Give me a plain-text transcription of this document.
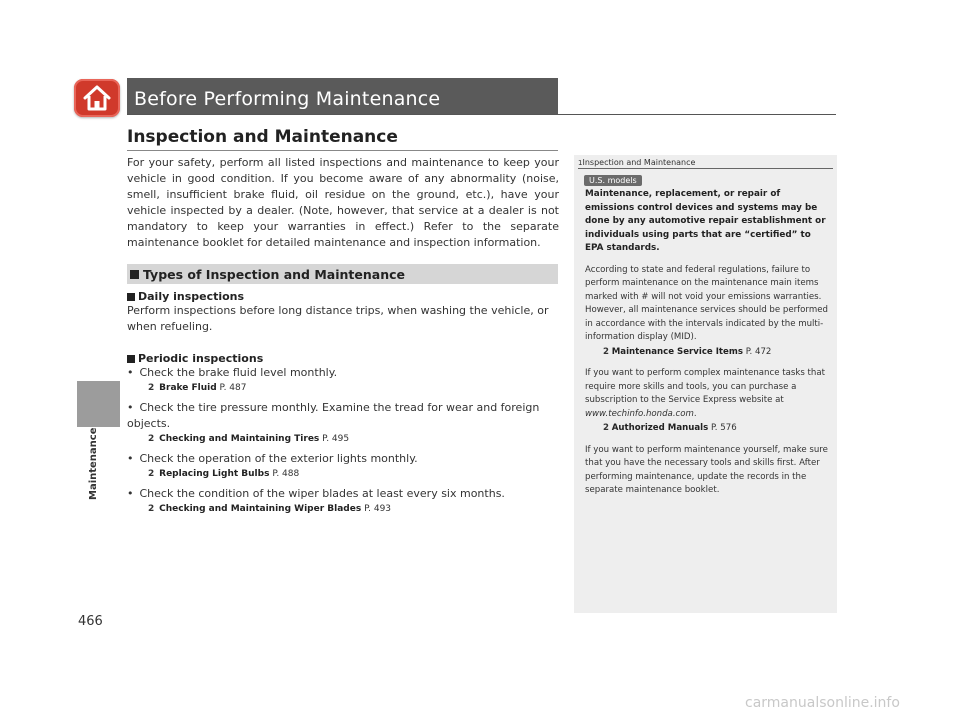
Before Performing Maintenance
Maintenance
466
Inspection and Maintenance
For your safety, perform all listed inspections and maintenance to keep your vehicle in good condition. If you become aware of any abnormality (noise, smell, insufficient brake fluid, oil residue on the ground, etc.), have your vehicle inspected by a dealer. (Note, however, that service at a dealer is not mandatory to keep your warranties in effect.) Refer to the separate maintenance booklet for detailed maintenance and inspection information.
Types of Inspection and Maintenance
Daily inspections
Perform inspections before long distance trips, when washing the vehicle, or when refueling.
Periodic inspections
• Check the brake fluid level monthly.
2 Brake Fluid P. 487
• Check the tire pressure monthly. Examine the tread for wear and foreign objects.
2 Checking and Maintaining Tires P. 495
• Check the operation of the exterior lights monthly.
2 Replacing Light Bulbs P. 488
• Check the condition of the wiper blades at least every six months.
2 Checking and Maintaining Wiper Blades P. 493
1Inspection and Maintenance
U.S. models

Maintenance, replacement, or repair of emissions control devices and systems may be done by any automotive repair establishment or individuals using parts that are “certified” to EPA standards.

According to state and federal regulations, failure to perform maintenance on the maintenance main items marked with # will not void your emissions warranties. However, all maintenance services should be performed in accordance with the intervals indicated by the multi-information display (MID).

2 Maintenance Service Items P. 472

If you want to perform complex maintenance tasks that require more skills and tools, you can purchase a subscription to the Service Express website at
www.techinfo.honda.com.

2 Authorized Manuals P. 576

If you want to perform maintenance yourself, make sure that you have the necessary tools and skills first. After performing maintenance, update the records in the separate maintenance booklet.

carmanualsonline.info
